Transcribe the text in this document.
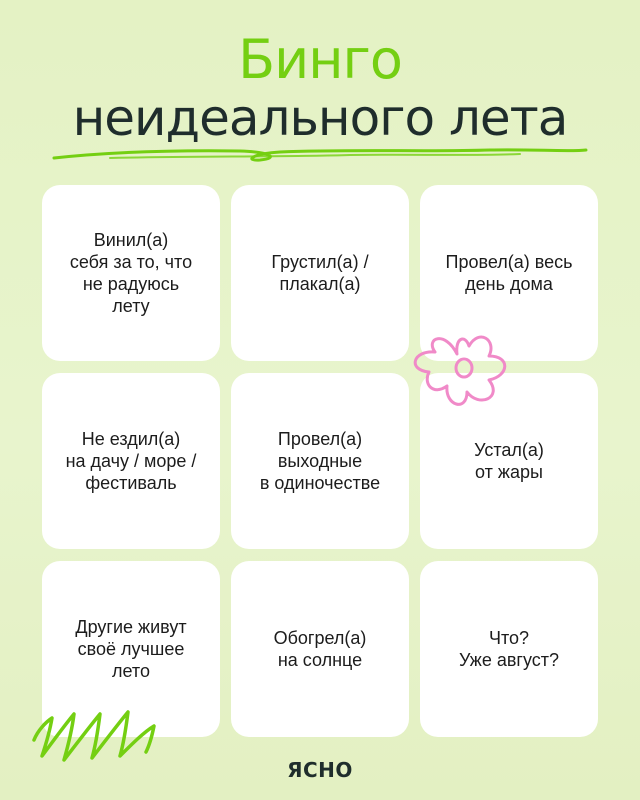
Бинго
неидеального лета
Винил(а)
себя за то, что
не радуюсь
лету
Грустил(а) /
плакал(а)
Провел(а) весь
день дома
Не ездил(а)
на дачу / море /
фестиваль
Провел(а)
выходные
в одиночестве
Устал(а)
от жары
Другие живут
своё лучшее
лето
Обогрел(а)
на солнце
Что?
Уже август?
ЯСНО
